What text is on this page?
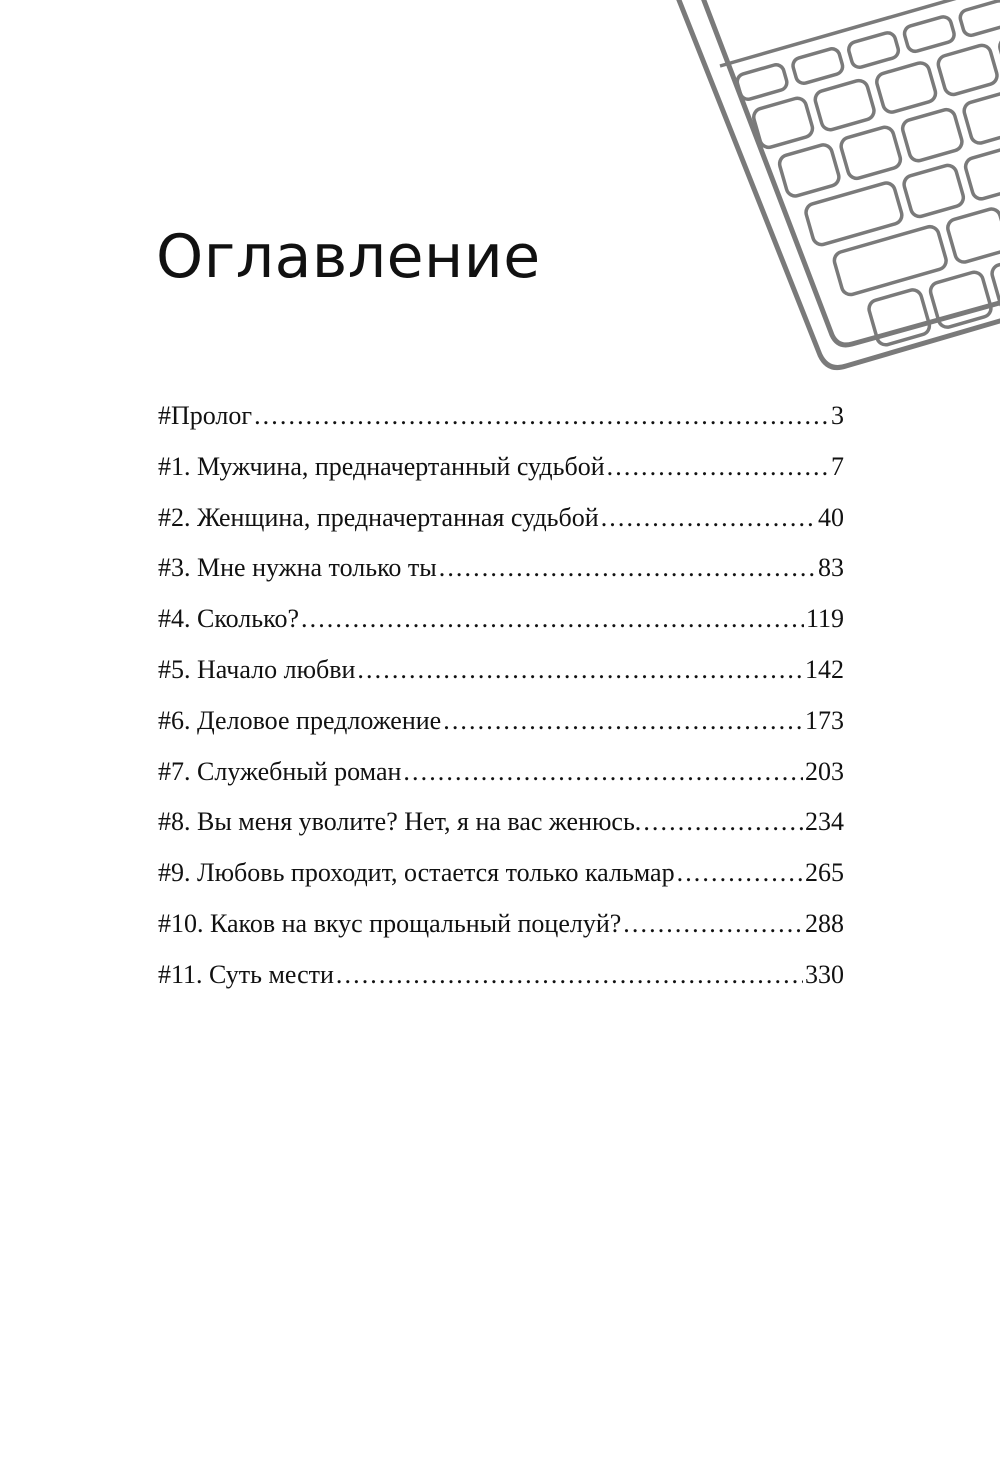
Оглавление
#Пролог . . .	3
#1. Мужчина, предначертанный судьбой . . .	7
#2. Женщина, предначертанная судьбой . . .	40
#3. Мне нужна только ты . . .	83
#4. Сколько? . . .	119
#5. Начало любви . . .	142
#6. Деловое предложение . . .	173
#7. Служебный роман . . .	203
#8. Вы меня уволите? Нет, я на вас женюсь. . . .	234
#9. Любовь проходит, остается только кальмар . . .	265
#10. Каков на вкус прощальный поцелуй? . . .	288
#11. Суть мести . . .	330
